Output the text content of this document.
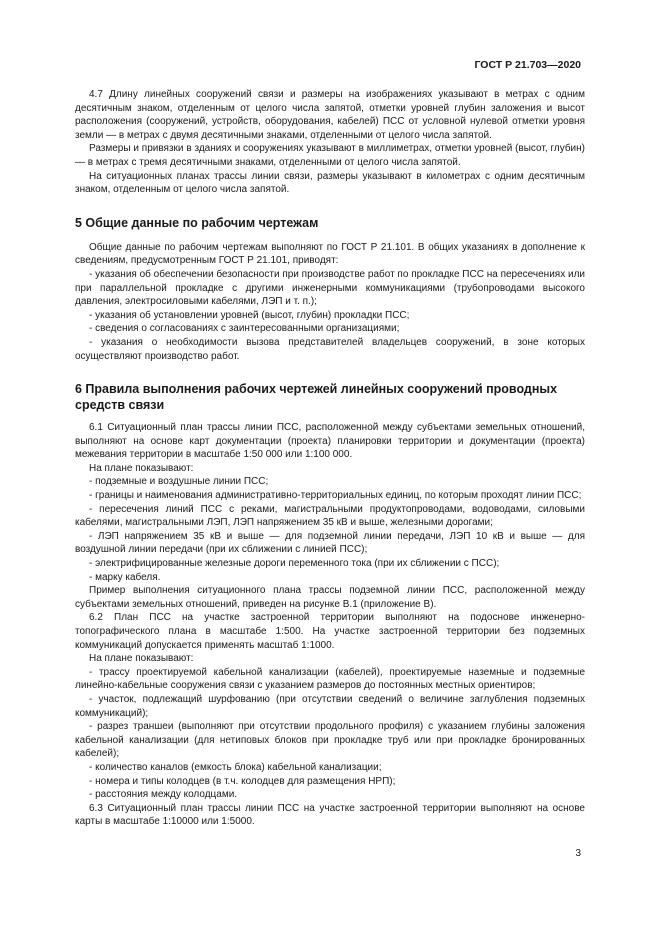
ГОСТ Р 21.703—2020

4.7 Длину линейных сооружений связи и размеры на изображениях указывают в метрах с одним десятичным знаком, отделенным от целого числа запятой, отметки уровней глубин заложения и высот расположения (сооружений, устройств, оборудования, кабелей) ПСС от условной нулевой отметки уровня земли — в метрах с двумя десятичными знаками, отделенными от целого числа запятой.

Размеры и привязки в зданиях и сооружениях указывают в миллиметрах, отметки уровней (высот, глубин) — в метрах с тремя десятичными знаками, отделенными от целого числа запятой.

На ситуационных планах трассы линии связи, размеры указывают в километрах с одним десятичным знаком, отделенным от целого числа запятой.

5 Общие данные по рабочим чертежам

Общие данные по рабочим чертежам выполняют по ГОСТ Р 21.101. В общих указаниях в дополнение к сведениям, предусмотренным ГОСТ Р 21.101, приводят:

- указания об обеспечении безопасности при производстве работ по прокладке ПСС на пересечениях или при параллельной прокладке с другими инженерными коммуникациями (трубопроводами высокого давления, электросиловыми кабелями, ЛЭП и т. п.);

- указания об установлении уровней (высот, глубин) прокладки ПСС;

- сведения о согласованиях с заинтересованными организациями;

- указания о необходимости вызова представителей владельцев сооружений, в зоне которых осуществляют производство работ.

6 Правила выполнения рабочих чертежей линейных сооружений проводных средств связи

6.1 Ситуационный план трассы линии ПСС, расположенной между субъектами земельных отношений, выполняют на основе карт документации (проекта) планировки территории и документации (проекта) межевания территории в масштабе 1:50 000 или 1:100 000.

На плане показывают:

- подземные и воздушные линии ПСС;

- границы и наименования административно-территориальных единиц, по которым проходят линии ПСС;

- пересечения линий ПСС с реками, магистральными продуктопроводами, водоводами, силовыми кабелями, магистральными ЛЭП, ЛЭП напряжением 35 кВ и выше, железными дорогами;

- ЛЭП напряжением 35 кВ и выше — для подземной линии передачи, ЛЭП 10 кВ и выше — для воздушной линии передачи (при их сближении с линией ПСС);

- электрифицированные железные дороги переменного тока (при их сближении с ПСС);

- марку кабеля.

Пример выполнения ситуационного плана трассы подземной линии ПСС, расположенной между субъектами земельных отношений, приведен на рисунке В.1 (приложение В).

6.2 План ПСС на участке застроенной территории выполняют на подосновe инженерно-топографического плана в масштабе 1:500. На участке застроенной территории без подземных коммуникаций допускается применять масштаб 1:1000.

На плане показывают:

- трассу проектируемой кабельной канализации (кабелей), проектируемые наземные и подземные линейно-кабельные сооружения связи с указанием размеров до постоянных местных ориентиров;

- участок, подлежащий шурфованию (при отсутствии сведений о величине заглубления подземных коммуникаций);

- разрез траншеи (выполняют при отсутствии продольного профиля) с указанием глубины заложения кабельной канализации (для нетиповых блоков при прокладке труб или при прокладке бронированных кабелей);

- количество каналов (емкость блока) кабельной канализации;

- номера и типы колодцев (в т.ч. колодцев для размещения НРП);

- расстояния между колодцами.

6.3 Ситуационный план трассы линии ПСС на участке застроенной территории выполняют на основе карты в масштабе 1:10000 или 1:5000.

3
